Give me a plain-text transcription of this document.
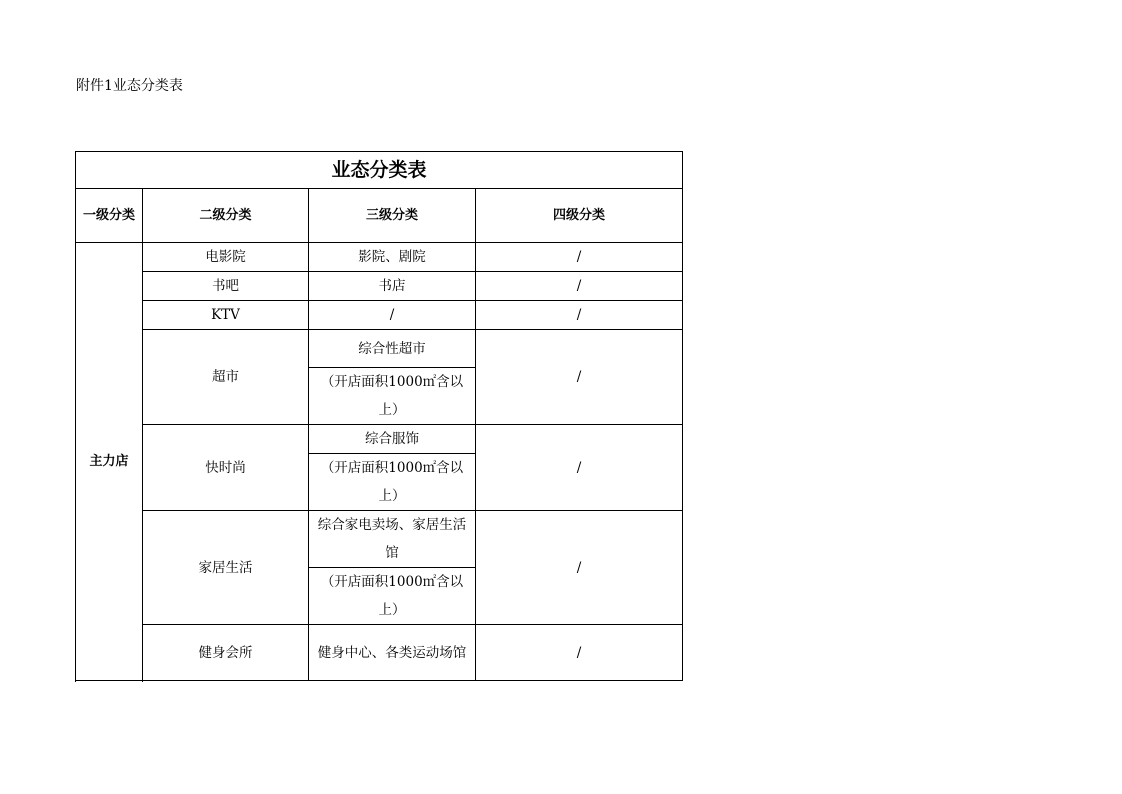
附件1业态分类表
业态分类表			
一级分类	二级分类	三级分类	四级分类
主力店	电影院	影院、剧院	/
	书吧	书店	/
	KTV	/	/
	超市	综合性超市	/
		（开店面积1000㎡含以上）	
	快时尚	综合服饰	/
		（开店面积1000㎡含以上）	
	家居生活	综合家电卖场、家居生活馆	/
		（开店面积1000㎡含以上）	
	健身会所	健身中心、各类运动场馆	/
